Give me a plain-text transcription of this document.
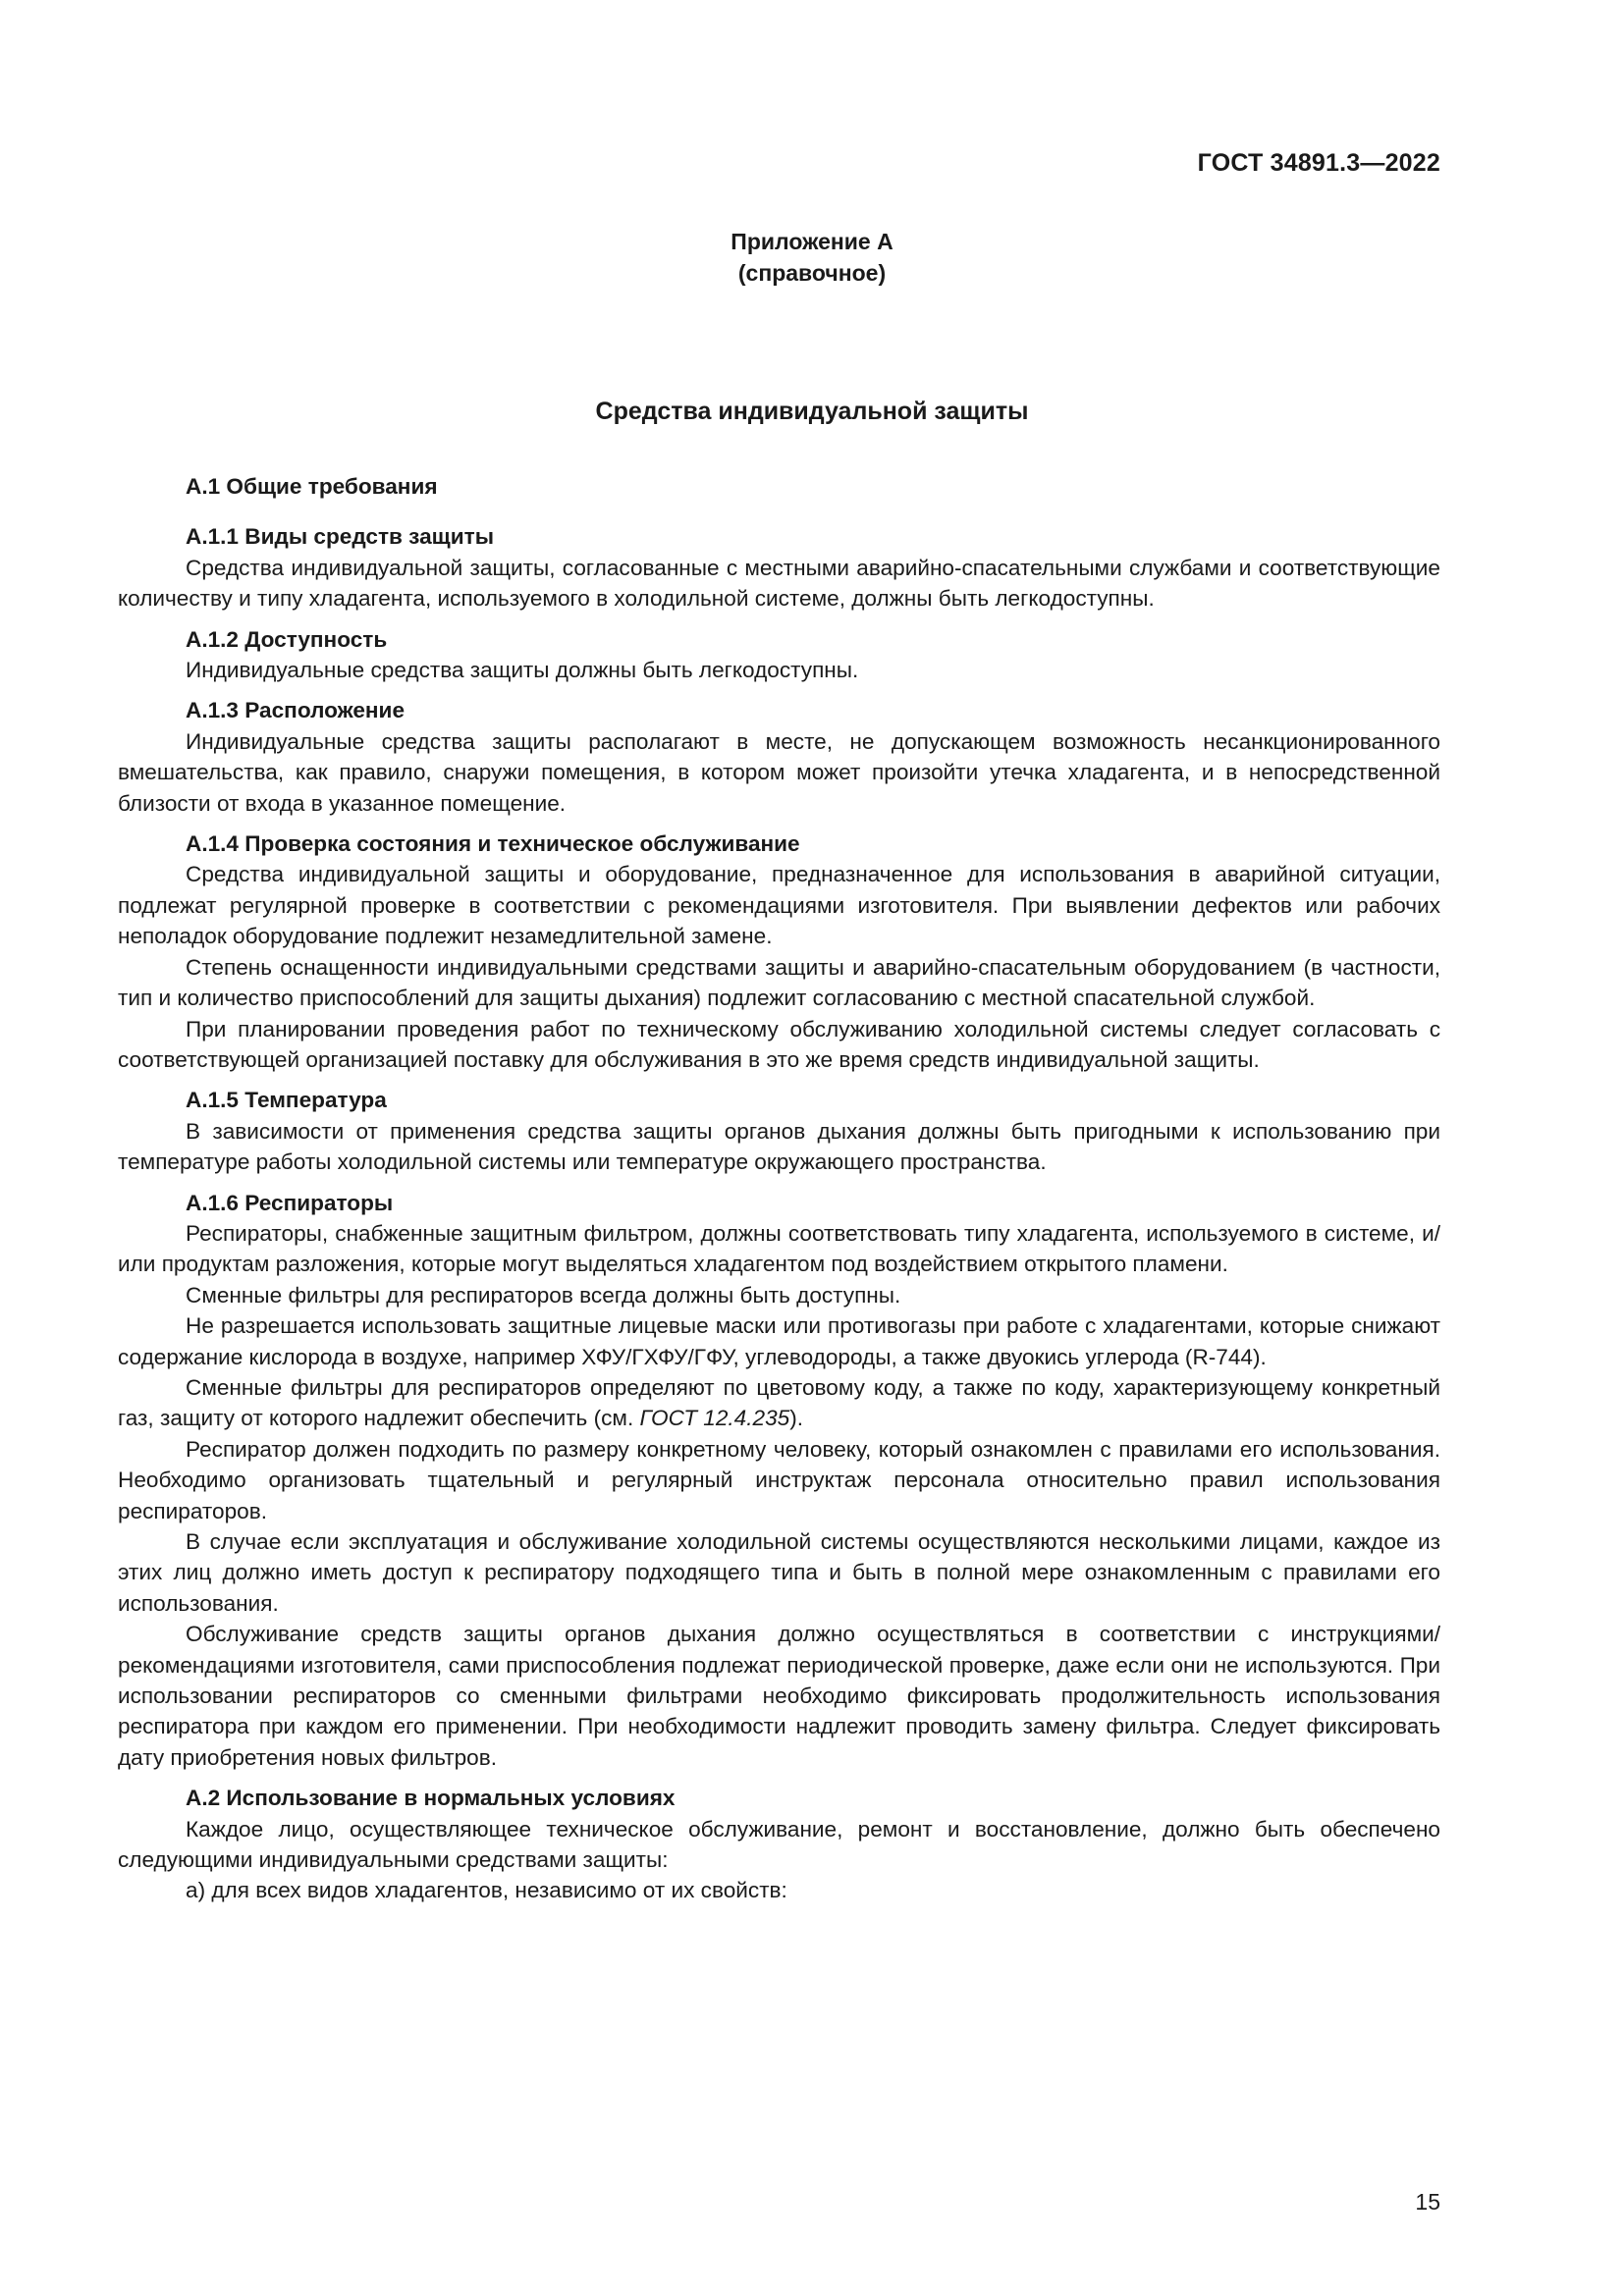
ГОСТ 34891.3—2022
Приложение А
(справочное)
Средства индивидуальной защиты

А.1 Общие требования

А.1.1 Виды средств защиты

Средства индивидуальной защиты, согласованные с местными аварийно-спасательными службами и соответствующие количеству и типу хладагента, используемого в холодильной системе, должны быть легкодоступны.

А.1.2 Доступность

Индивидуальные средства защиты должны быть легкодоступны.

А.1.3 Расположение

Индивидуальные средства защиты располагают в месте, не допускающем возможность несанкционированного вмешательства, как правило, снаружи помещения, в котором может произойти утечка хладагента, и в непосредственной близости от входа в указанное помещение.

А.1.4 Проверка состояния и техническое обслуживание

Средства индивидуальной защиты и оборудование, предназначенное для использования в аварийной ситуации, подлежат регулярной проверке в соответствии с рекомендациями изготовителя. При выявлении дефектов или рабочих неполадок оборудование подлежит незамедлительной замене.

Степень оснащенности индивидуальными средствами защиты и аварийно-спасательным оборудованием (в частности, тип и количество приспособлений для защиты дыхания) подлежит согласованию с местной спасательной службой.

При планировании проведения работ по техническому обслуживанию холодильной системы следует согласовать с соответствующей организацией поставку для обслуживания в это же время средств индивидуальной защиты.

А.1.5 Температура

В зависимости от применения средства защиты органов дыхания должны быть пригодными к использованию при температуре работы холодильной системы или температуре окружающего пространства.

А.1.6 Респираторы

Респираторы, снабженные защитным фильтром, должны соответствовать типу хладагента, используемого в системе, и/или продуктам разложения, которые могут выделяться хладагентом под воздействием открытого пламени.

Сменные фильтры для респираторов всегда должны быть доступны.

Не разрешается использовать защитные лицевые маски или противогазы при работе с хладагентами, которые снижают содержание кислорода в воздухе, например ХФУ/ГХФУ/ГФУ, углеводороды, а также двуокись углерода (R-744).

Сменные фильтры для респираторов определяют по цветовому коду, а также по коду, характеризующему конкретный газ, защиту от которого надлежит обеспечить (см. ГОСТ 12.4.235).

Респиратор должен подходить по размеру конкретному человеку, который ознакомлен с правилами его использования. Необходимо организовать тщательный и регулярный инструктаж персонала относительно правил использования респираторов.

В случае если эксплуатация и обслуживание холодильной системы осуществляются несколькими лицами, каждое из этих лиц должно иметь доступ к респиратору подходящего типа и быть в полной мере ознакомленным с правилами его использования.

Обслуживание средств защиты органов дыхания должно осуществляться в соответствии с инструкциями/рекомендациями изготовителя, сами приспособления подлежат периодической проверке, даже если они не используются. При использовании респираторов со сменными фильтрами необходимо фиксировать продолжительность использования респиратора при каждом его применении. При необходимости надлежит проводить замену фильтра. Следует фиксировать дату приобретения новых фильтров.

А.2 Использование в нормальных условиях

Каждое лицо, осуществляющее техническое обслуживание, ремонт и восстановление, должно быть обеспечено следующими индивидуальными средствами защиты:

а) для всех видов хладагентов, независимо от их свойств:

15
